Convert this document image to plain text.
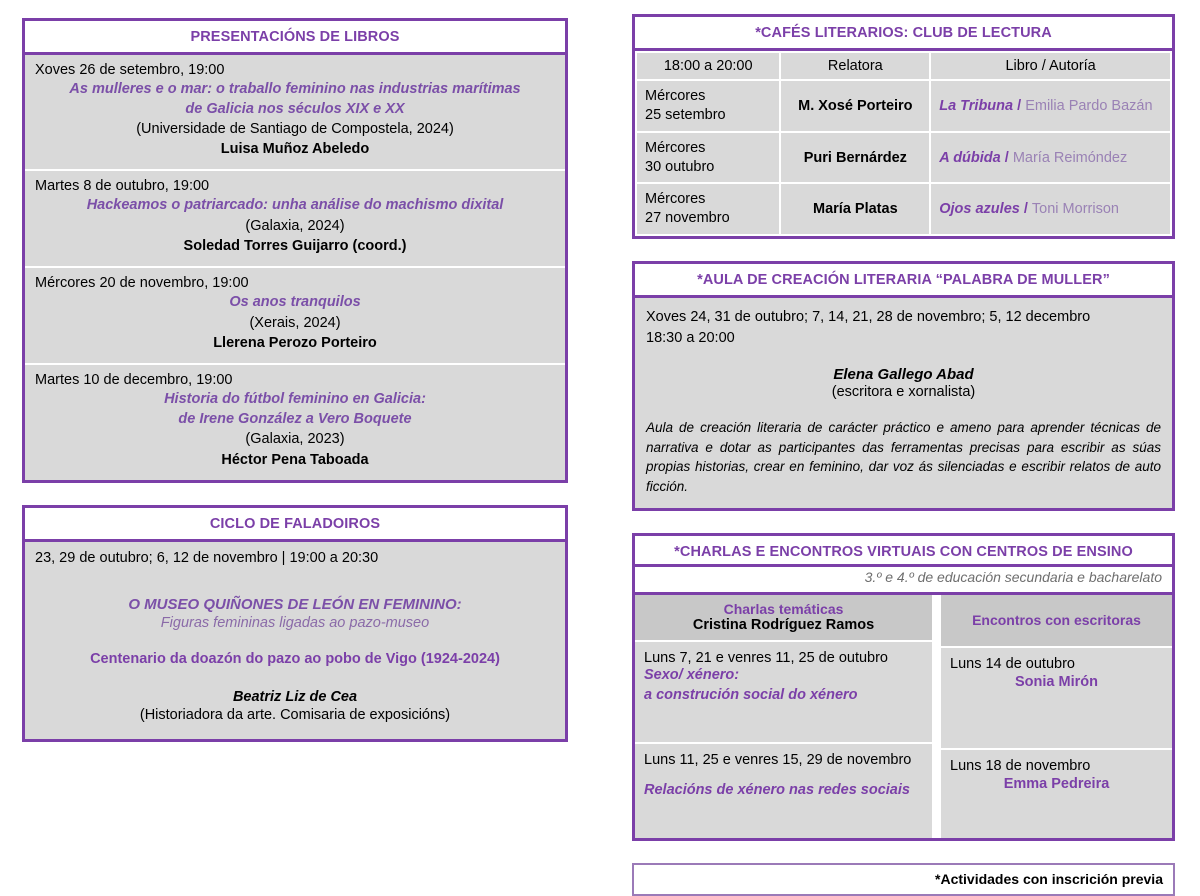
PRESENTACIÓNS DE LIBROS
Xoves 26 de setembro, 19:00
As mulleres e o mar: o traballo feminino nas industrias marítimas
de Galicia nos séculos XIX e XX
(Universidade de Santiago de Compostela, 2024)
Luisa Muñoz Abeledo
Martes 8 de outubro, 19:00
Hackeamos o patriarcado: unha análise do machismo dixital
(Galaxia, 2024)
Soledad Torres Guijarro (coord.)
Mércores 20 de novembro, 19:00
Os anos tranquilos
(Xerais, 2024)
Llerena Perozo Porteiro
Martes 10 de decembro, 19:00
Historia do fútbol feminino en Galicia:
de Irene González a Vero Boquete
(Galaxia, 2023)
Héctor Pena Taboada
CICLO DE FALADOIROS
23, 29 de outubro; 6, 12 de novembro | 19:00 a 20:30
O MUSEO QUIÑONES DE LEÓN EN FEMININO:
Figuras femininas ligadas ao pazo-museo
Centenario da doazón do pazo ao pobo de Vigo (1924-2024)
Beatriz Liz de Cea
(Historiadora da arte. Comisaria de exposicións)
*CAFÉS LITERARIOS: CLUB DE LECTURA
18:00 a 20:00	Relatora	Libro / Autoría
Mércores
25 setembro	M. Xosé Porteiro	La Tribuna / Emilia Pardo Bazán
Mércores
30 outubro	Puri Bernárdez	A dúbida / María Reimóndez
Mércores
27 novembro	María Platas	Ojos azules / Toni Morrison
*AULA DE CREACIÓN LITERARIA “PALABRA DE MULLER”
Xoves 24, 31 de outubro; 7, 14, 21, 28 de novembro; 5, 12 decembro
18:30 a 20:00
Elena Gallego Abad
(escritora e xornalista)
Aula de creación literaria de carácter práctico e ameno para aprender técnicas de narrativa e dotar as participantes das ferramentas precisas para escribir as súas propias historias, crear en feminino, dar voz ás silenciadas e escribir relatos de auto ficción.
*CHARLAS E ENCONTROS VIRTUAIS CON CENTROS DE ENSINO
3.º e 4.º de educación secundaria e bacharelato
Charlas temáticas
Cristina Rodríguez Ramos
Luns 7, 21 e venres 11, 25 de outubro
Sexo/ xénero:
a construción social do xénero
Luns 11, 25 e venres 15, 29 de novembro
Relacións de xénero nas redes sociais
Encontros con escritoras
Luns 14 de outubro
Sonia Mirón
Luns 18 de novembro
Emma Pedreira
*Actividades con inscrición previa
